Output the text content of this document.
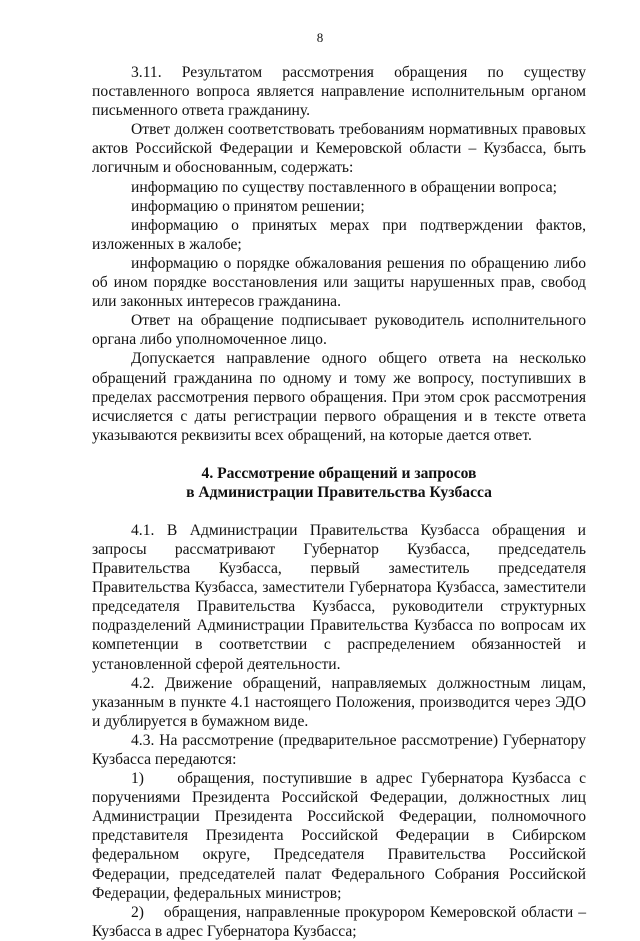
8

3.11. Результатом рассмотрения обращения по существу поставленного вопроса является направление исполнительным органом письменного ответа гражданину.

Ответ должен соответствовать требованиям нормативных правовых актов Российской Федерации и Кемеровской области – Кузбасса, быть логичным и обоснованным, содержать:

информацию по существу поставленного в обращении вопроса;

информацию о принятом решении;

информацию о принятых мерах при подтверждении фактов, изложенных в жалобе;

информацию о порядке обжалования решения по обращению либо об ином порядке восстановления или защиты нарушенных прав, свобод или законных интересов гражданина.

Ответ на обращение подписывает руководитель исполнительного органа либо уполномоченное лицо.

Допускается направление одного общего ответа на несколько обращений гражданина по одному и тому же вопросу, поступивших в пределах рассмотрения первого обращения. При этом срок рассмотрения исчисляется с даты регистрации первого обращения и в тексте ответа указываются реквизиты всех обращений, на которые дается ответ.

4. Рассмотрение обращений и запросов
в Администрации Правительства Кузбасса

4.1. В Администрации Правительства Кузбасса обращения и запросы рассматривают Губернатор Кузбасса, председатель Правительства Кузбасса, первый заместитель председателя Правительства Кузбасса, заместители Губернатора Кузбасса, заместители председателя Правительства Кузбасса, руководители структурных подразделений Администрации Правительства Кузбасса по вопросам их компетенции в соответствии с распределением обязанностей и установленной сферой деятельности.

4.2. Движение обращений, направляемых должностным лицам, указанным в пункте 4.1 настоящего Положения, производится через ЭДО и дублируется в бумажном виде.

4.3. На рассмотрение (предварительное рассмотрение) Губернатору Кузбасса передаются:

1)    обращения, поступившие в адрес Губернатора Кузбасса с поручениями Президента Российской Федерации, должностных лиц Администрации Президента Российской Федерации, полномочного представителя Президента Российской Федерации в Сибирском федеральном округе, Председателя Правительства Российской Федерации, председателей палат Федерального Собрания Российской Федерации, федеральных министров;

2)    обращения, направленные прокурором Кемеровской области – Кузбасса в адрес Губернатора Кузбасса;
